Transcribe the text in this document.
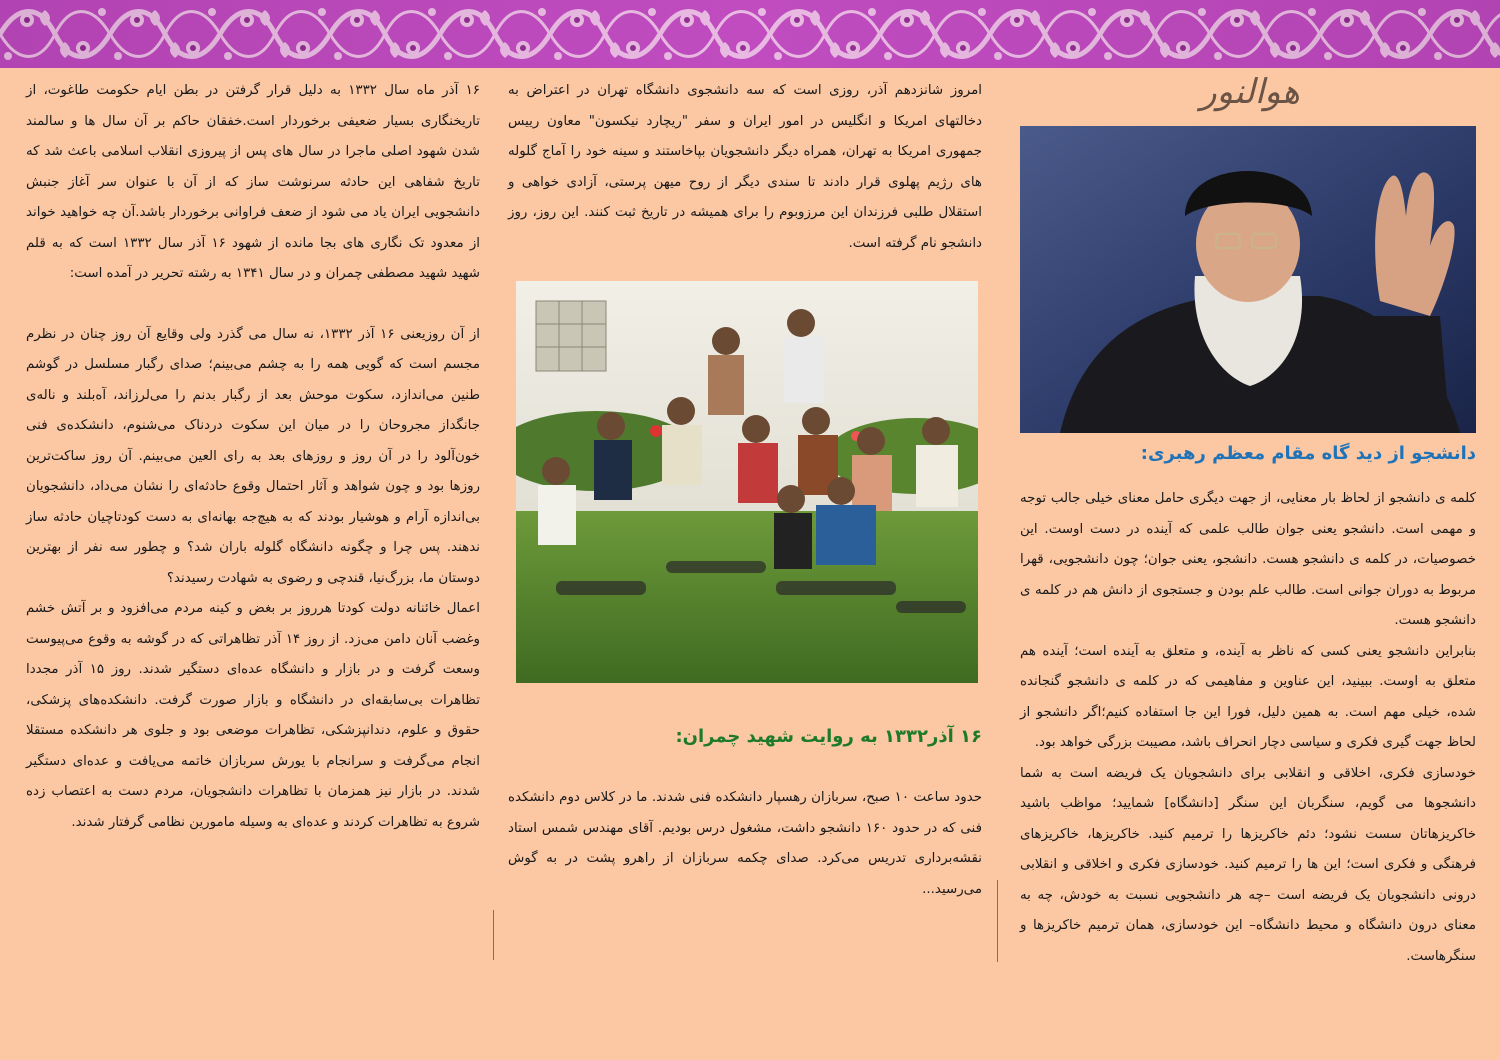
هوالنور
دانشجو از دید گاه مقام معظم رهبری:

کلمه ی دانشجو از لحاظ بار معنایی، از جهت دیگری حامل معنای خیلی جالب توجه و مهمی است. دانشجو یعنی جوان طالب علمی که آینده در دست اوست. این خصوصیات، در کلمه ی دانشجو هست. دانشجو، یعنی جوان؛ چون دانشجویی، قهرا مربوط به دوران جوانی است. طالب علم بودن و جستجوی از دانش هم در کلمه ی دانشجو هست.

بنابراین دانشجو یعنی کسی که ناظر به آینده، و متعلق به آینده است؛ آینده هم متعلق به اوست. ببینید، این عناوین و مفاهیمی که در کلمه ی دانشجو گنجانده شده، خیلی مهم است. به همین دلیل، فورا این جا استفاده کنیم؛اگر دانشجو از لحاظ جهت گیری فکری و سیاسی دچار انحراف باشد، مصیبت بزرگی خواهد بود.

خودسازی فکری، اخلاقی و انقلابی برای دانشجویان یک فریضه است به شما دانشجوها می گویم، سنگربان این سنگر [دانشگاه] شمایید؛ مواظب باشید خاکریزهاتان سست نشود؛ دئم خاکریزها را ترمیم کنید. خاکریزها، خاکریزهای فرهنگی و فکری است؛ این ها را ترمیم کنید. خودسازی فکری و اخلاقی و انقلابی درونی دانشجویان یک فریضه است –چه هر دانشجویی نسبت به خودش، چه به معنای درون دانشگاه و محیط دانشگاه– این خودسازی، همان ترمیم خاکریزها و سنگرهاست.

امروز شانزدهم آذر، روزی است که سه دانشجوی دانشگاه تهران در اعتراض به دخالتهای امریکا و انگلیس در امور ایران و سفر "ریچارد نیکسون" معاون رییس جمهوری امریکا به تهران، همراه دیگر دانشجویان بپاخاستند و سینه خود را آماج گلوله های رژیم پهلوی قرار دادند تا سندی دیگر از روح میهن پرستی، آزادی خواهی و استقلال طلبی فرزندان این مرزوبوم را برای همیشه در تاریخ ثبت کنند. این روز، روز دانشجو نام گرفته است.

۱۶ آذر۱۳۳۲ به روایت شهید چمران:

حدود ساعت ۱۰ صبح، سربازان رهسپار دانشکده فنی شدند. ما در کلاس دوم دانشکده فنی که در حدود ۱۶۰ دانشجو داشت، مشغول درس بودیم. آقای مهندس شمس استاد نقشه‌برداری تدریس می‌کرد. صدای چکمه سربازان از راهرو پشت در به گوش می‌رسید...

۱۶ آذر ماه سال ۱۳۳۲ به دلیل قرار گرفتن در بطن ایام حکومت طاغوت، از تاریخنگاری بسیار ضعیفی برخوردار است.خفقان حاکم بر آن سال ها و سالمند شدن شهود اصلی ماجرا در سال های پس از پیروزی انقلاب اسلامی باعث شد که تاریخ شفاهی این حادثه سرنوشت ساز که از آن با عنوان سر آغاز جنبش دانشجویی ایران یاد می شود از ضعف فراوانی برخوردار باشد.آن چه خواهید خواند از معدود تک نگاری های بجا مانده از شهود ۱۶ آذر سال ۱۳۳۲ است که به قلم شهید شهید مصطفی چمران و در سال ۱۳۴۱ به رشته تحریر در آمده است:

از آن روزیعنی ۱۶ آذر ۱۳۳۲، نه سال می گذرد ولی وقایع آن روز چنان در نظرم مجسم است که گویی همه را به چشم می‌بینم؛ صدای رگبار مسلسل در گوشم طنین می‌اندازد، سکوت موحش بعد از رگبار بدنم را می‌لرزاند، آه‌بلند و ناله‌ی جانگداز مجروحان را در میان این سکوت دردناک می‌شنوم، دانشکده‌ی فنی خون‌آلود را در آن روز و روزهای بعد به رای العین می‌بینم. آن روز ساکت‌ترین روزها بود و چون شواهد و آثار احتمال وقوع حادثه‌ای را نشان می‌داد، دانشجویان بی‌اندازه آرام و هوشیار بودند که به هیچ‌جه بهانه‌ای به دست کودتاچیان حادثه ساز ندهند. پس چرا و چگونه دانشگاه گلوله باران شد؟ و چطور سه نفر از بهترین دوستان ما، بزرگ‌نیا، قندچی و رضوی به شهادت رسیدند؟

اعمال خائنانه دولت کودتا هرروز بر بغض و کینه مردم می‌افزود و بر آتش خشم وغضب آنان دامن می‌زد. از روز ۱۴ آذر تظاهراتی که در گوشه به وقوع می‌پیوست وسعت گرفت و در بازار و دانشگاه عده‌ای دستگیر شدند. روز ۱۵ آذر مجددا تظاهرات بی‌سابقه‌ای در دانشگاه و بازار صورت گرفت. دانشکده‌های پزشکی، حقوق و علوم، دندانپزشکی، تظاهرات موضعی بود و جلوی هر دانشکده مستقلا انجام می‌گرفت و سرانجام با یورش سربازان خاتمه می‌یافت و عده‌ای دستگیر شدند. در بازار نیز همزمان با تظاهرات دانشجویان، مردم دست به اعتصاب زده شروع به تظاهرات کردند و عده‌ای به وسیله مامورین نظامی گرفتار شدند.
